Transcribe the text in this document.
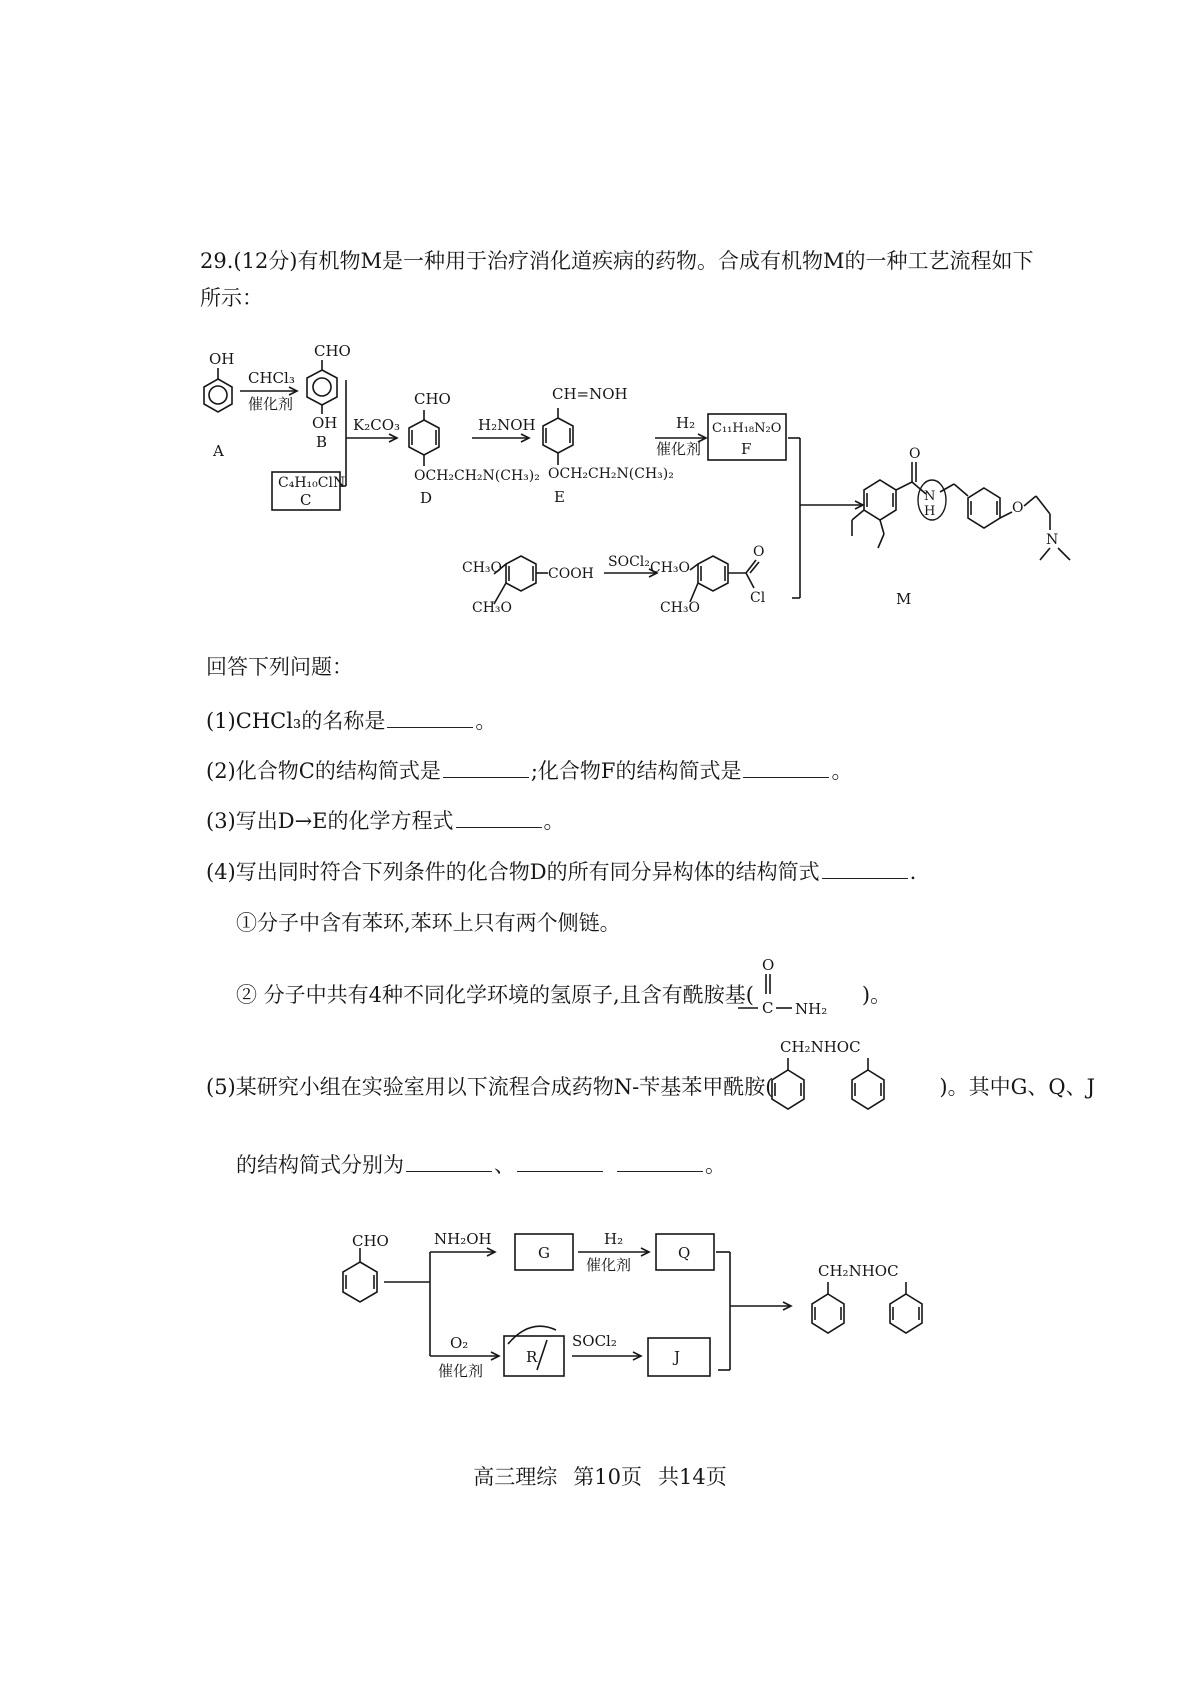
29.(12分)有机物M是一种用于治疗消化道疾病的药物。合成有机物M的一种工艺流程如下
所示：
A
OH
CHCl₃
催化剂
CHO
OH
B
C₄H₁₀ClN
C
K₂CO₃
CHO
OCH₂CH₂N(CH₃)₂
D
H₂NOH
CH=NOH
OCH₂CH₂N(CH₃)₂
E
H₂
催化剂
C₁₁H₁₈N₂O
F
CH₃O
CH₃O
COOH
SOCl₂ CH₃O
CH₃O
O
Cl
O
N
H	O
N
M
回答下列问题：
(1)CHCl₃的名称是	。
(2)化合物C的结构简式是	;化合物F的结构简式是	。
(3)写出D→E的化学方程式	。
(4)写出同时符合下列条件的化合物D的所有同分异构体的结构简式	.
①分子中含有苯环,苯环上只有两个侧链。
② 分子中共有4种不同化学环境的氢原子,且含有酰胺基(	)。
O
C NH₂
(5)某研究小组在实验室用以下流程合成药物N-苄基苯甲酰胺(	)。其中G、Q、J
CH₂NHOC
的结构简式分别为	、	。
CHO	NH₂OH
G
H₂
催化剂
Q
O₂
催化剂
R
SOCl₂
J
CH₂NHOC
高三理综 第10页 共14页
